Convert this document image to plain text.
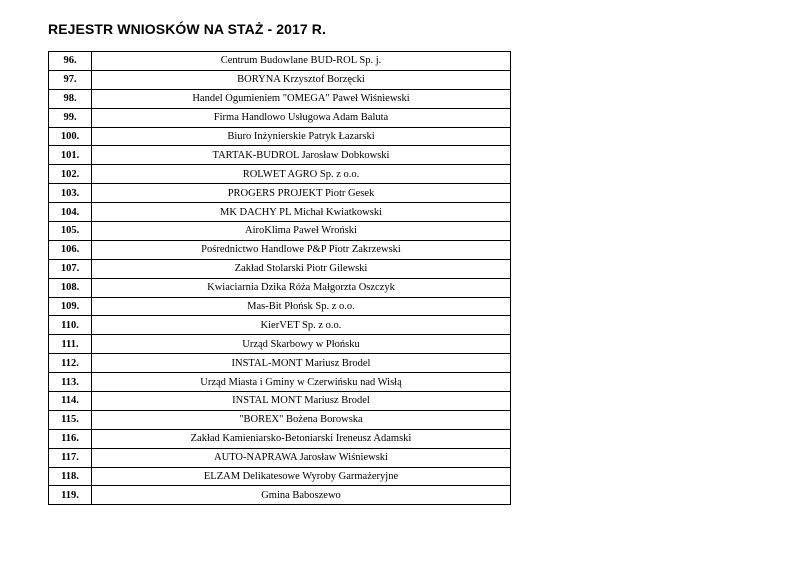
REJESTR WNIOSKÓW NA STAŻ - 2017 R.
96.	Centrum Budowlane BUD-ROL Sp. j.
97.	BORYNA Krzysztof Borzęcki
98.	Handel Ogumieniem "OMEGA" Paweł Wiśniewski
99.	Firma Handlowo Usługowa Adam Baluta
100.	Biuro Inżynierskie Patryk Łazarski
101.	TARTAK-BUDROL Jarosław Dobkowski
102.	ROLWET AGRO Sp. z o.o.
103.	PROGERS PROJEKT Piotr Gesek
104.	MK DACHY PL Michał Kwiatkowski
105.	AiroKlima Paweł Wroński
106.	Pośrednictwo Handlowe P&P Piotr Zakrzewski
107.	Zakład Stolarski Piotr Gilewski
108.	Kwiaciarnia Dzika Róża Małgorzta Oszczyk
109.	Mas-Bit Płońsk Sp. z o.o.
110.	KierVET Sp. z o.o.
111.	Urząd Skarbowy w Płońsku
112.	INSTAL-MONT Mariusz Brodel
113.	Urząd Miasta i Gminy w Czerwińsku nad Wisłą
114.	INSTAL MONT Mariusz Brodel
115.	"BOREX" Bożena Borowska
116.	Zakład Kamieniarsko-Betoniarski Ireneusz Adamski
117.	AUTO-NAPRAWA Jarosław Wiśniewski
118.	ELZAM Delikatesowe Wyroby Garmażeryjne
119.	Gmina Baboszewo
